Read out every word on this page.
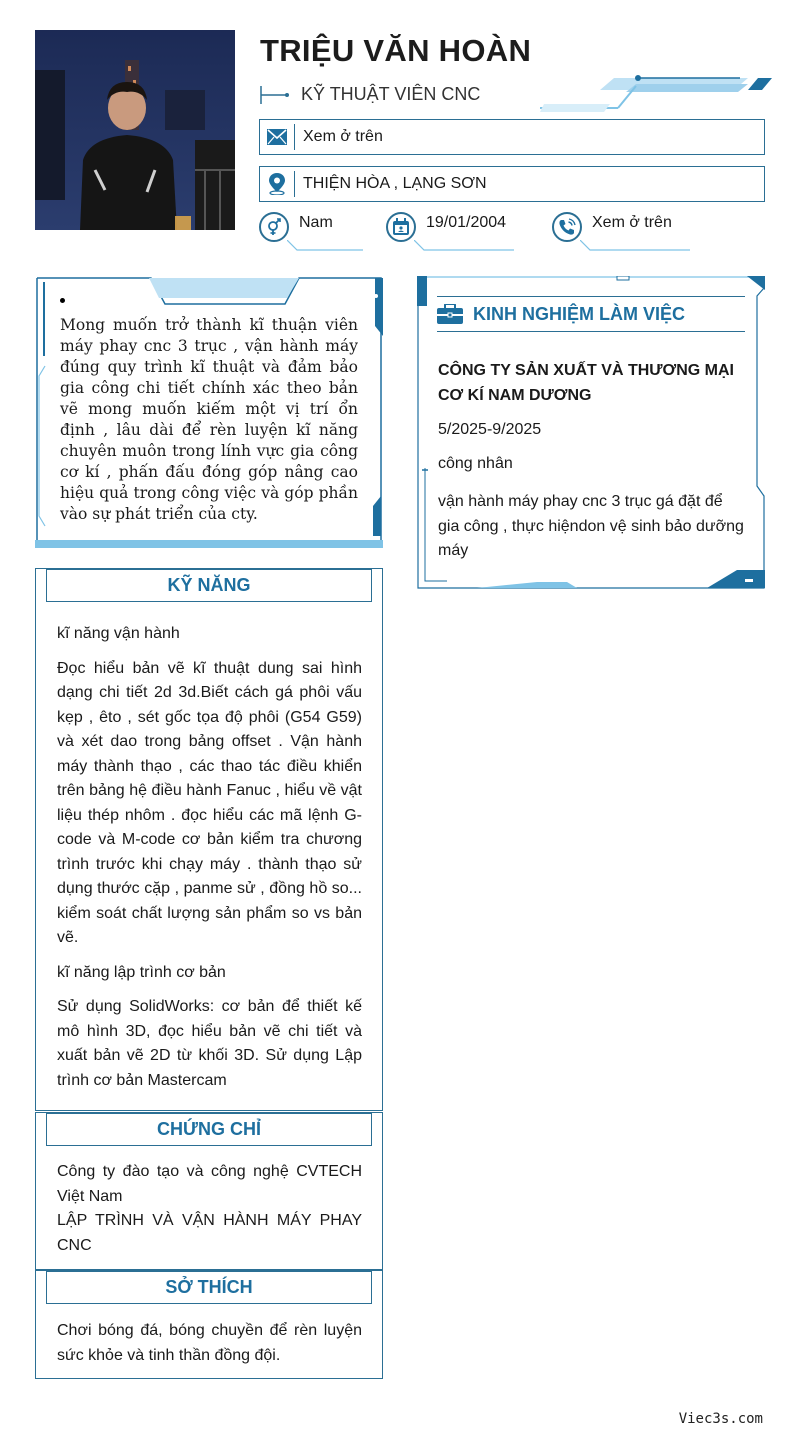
TRIỆU VĂN HOÀN
KỸ THUẬT VIÊN CNC
Xem ở trên
THIỆN HÒA , LẠNG SƠN
Nam	19/01/2004	Xem ở trên
Mong muốn trở thành kĩ thuận viên máy phay cnc 3 trục , vận hành máy đúng quy trình kĩ thuật và đảm bảo gia công chi tiết chính xác theo bản vẽ mong muốn kiếm một vị trí ổn định , lâu dài để rèn luyện kĩ năng chuyên muôn trong lính vực gia công cơ kí , phấn đấu đóng góp nâng cao hiệu quả trong công việc và góp phần vào sự phát triển của cty.
KINH NGHIỆM LÀM VIỆC
CÔNG TY SẢN XUẤT VÀ THƯƠNG MẠI CƠ KÍ NAM DƯƠNG
5/2025-9/2025
công nhân
vận hành máy phay cnc 3 trục gá đặt để gia công , thực hiệndon vệ sinh bảo dưỡng máy
KỸ NĂNG

kĩ năng vận hành

Đọc hiểu bản vẽ kĩ thuật dung sai hình dạng chi tiết 2d 3d.Biết cách gá phôi vấu kẹp , êto , sét gốc tọa độ phôi (G54 G59) và xét dao trong bảng offset . Vận hành máy thành thạo , các thao tác điều khiển trên bảng hệ điều hành Fanuc , hiểu về vật liệu thép nhôm . đọc hiểu các mã lệnh G-code và M-code cơ bản kiểm tra chương trình trước khi chạy máy . thành thạo sử dụng thước cặp , panme sử , đồng hồ so... kiểm soát chất lượng sản phẩm so vs bản vẽ.

kĩ năng lập trình cơ bản

Sử dụng SolidWorks: cơ bản để thiết kế mô hình 3D, đọc hiểu bản vẽ chi tiết và xuất bản vẽ 2D từ khối 3D. Sử dụng Lập trình cơ bản Mastercam

CHỨNG CHỈ
Công ty đào tạo và công nghệ CVTECH Việt Nam
LẬP TRÌNH VÀ VẬN HÀNH MÁY PHAY CNC
SỞ THÍCH
Chơi bóng đá, bóng chuyền để rèn luyện sức khỏe và tinh thần đồng đội.
Viec3s.com
